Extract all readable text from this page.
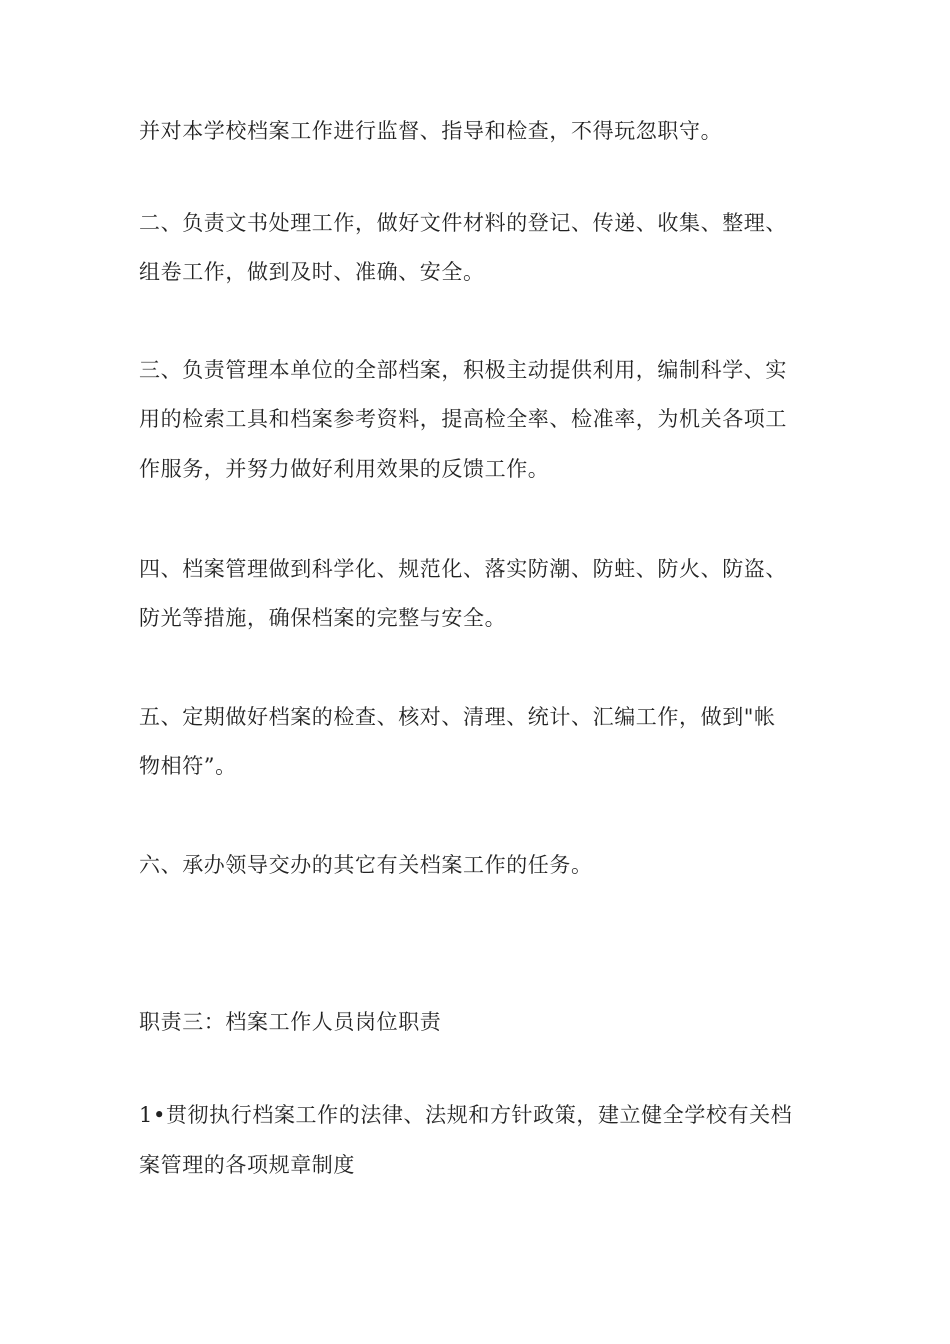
并对本学校档案工作进行监督、指导和检查，不得玩忽职守。
二、负责文书处理工作，做好文件材料的登记、传递、收集、整理、
组卷工作，做到及时、准确、安全。
三、负责管理本单位的全部档案，积极主动提供利用，编制科学、实
用的检索工具和档案参考资料，提高检全率、检准率，为机关各项工
作服务，并努力做好利用效果的反馈工作。
四、档案管理做到科学化、规范化、落实防潮、防蛀、防火、防盗、
防光等措施，确保档案的完整与安全。
五、定期做好档案的检查、核对、清理、统计、汇编工作，做到"帐
物相符”。
六、承办领导交办的其它有关档案工作的任务。
职责三：档案工作人员岗位职责
1•贯彻执行档案工作的法律、法规和方针政策，建立健全学校有关档
案管理的各项规章制度
